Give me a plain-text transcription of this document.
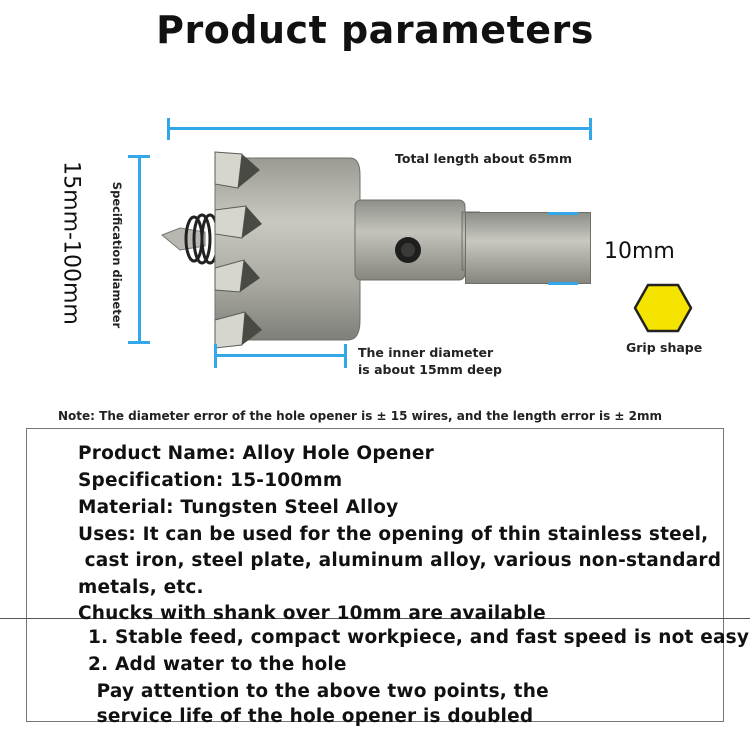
Product parameters
Total length about 65mm
15mm-100mm Specification diameter	10mm
Grip shape
The inner diameter
is about 15mm deep
Note: The diameter error of the hole opener is ± 15 wires, and the length error is ± 2mm
Product Name: Alloy Hole Opener
Specification: 15-100mm
Material: Tungsten Steel Alloy
Uses: It can be used for the opening of thin stainless steel,
cast iron, steel plate, aluminum alloy, various non-standard
metals, etc.
Chucks with shank over 10mm are available
1. Stable feed, compact workpiece, and fast speed is not easy
2. Add water to the hole
Pay attention to the above two points, the
service life of the hole opener is doubled
